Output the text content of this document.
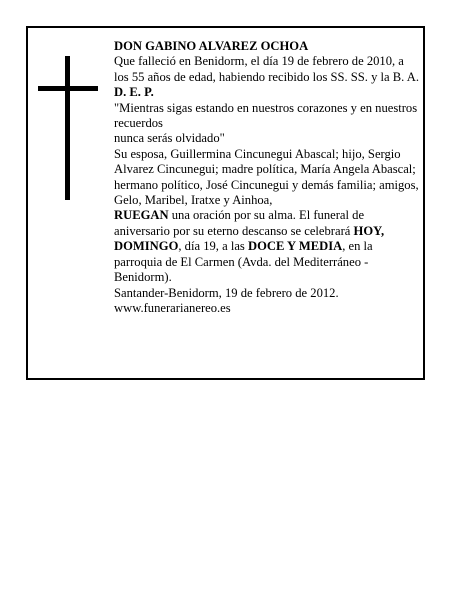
DON GABINO ALVAREZ OCHOA

Que falleció en Benidorm, el día 19 de febrero de 2010, a los 55 años de edad, habiendo recibido los SS. SS. y la B. A.

D. E. P.

"Mientras sigas estando en nuestros corazones y en nuestros recuerdos

nunca serás olvidado"

Su esposa, Guillermina Cincunegui Abascal; hijo, Sergio Alvarez Cincunegui; madre política, María Angela Abascal; hermano político, José Cincunegui y demás familia; amigos, Gelo, Maribel, Iratxe y Ainhoa,

RUEGAN una oración por su alma. El funeral de aniversario por su eterno descanso se celebrará HOY, DOMINGO, día 19, a las DOCE Y MEDIA, en la parroquia de El Carmen (Avda. del Mediterráneo - Benidorm).

Santander-Benidorm, 19 de febrero de 2012.

www.funerarianereo.es
